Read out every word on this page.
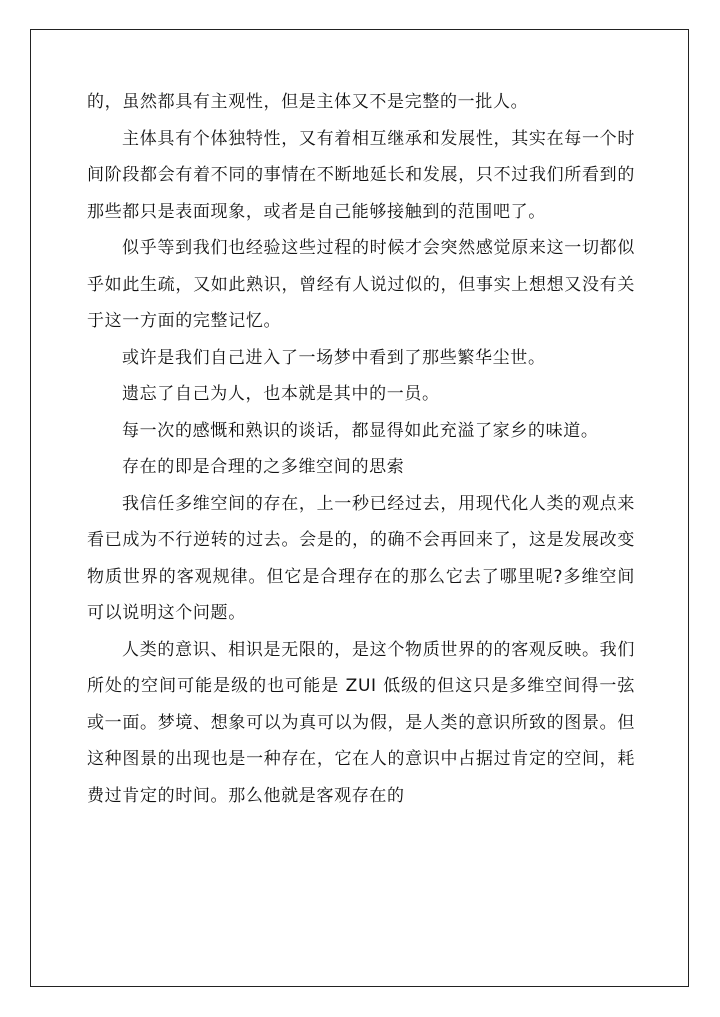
的，虽然都具有主观性，但是主体又不是完整的一批人。

主体具有个体独特性，又有着相互继承和发展性，其实在每一个时间阶段都会有着不同的事情在不断地延长和发展，只不过我们所看到的那些都只是表面现象，或者是自己能够接触到的范围吧了。

似乎等到我们也经验这些过程的时候才会突然感觉原来这一切都似乎如此生疏，又如此熟识，曾经有人说过似的，但事实上想想又没有关于这一方面的完整记忆。

或许是我们自己进入了一场梦中看到了那些繁华尘世。

遗忘了自己为人，也本就是其中的一员。

每一次的感慨和熟识的谈话，都显得如此充溢了家乡的味道。

存在的即是合理的之多维空间的思索

我信任多维空间的存在，上一秒已经过去，用现代化人类的观点来看已成为不行逆转的过去。会是的，的确不会再回来了，这是发展改变物质世界的客观规律。但它是合理存在的那么它去了哪里呢?多维空间可以说明这个问题。

人类的意识、相识是无限的，是这个物质世界的的客观反映。我们所处的空间可能是级的也可能是 ZUI 低级的但这只是多维空间得一弦或一面。梦境、想象可以为真可以为假，是人类的意识所致的图景。但这种图景的出现也是一种存在，它在人的意识中占据过肯定的空间，耗费过肯定的时间。那么他就是客观存在的
